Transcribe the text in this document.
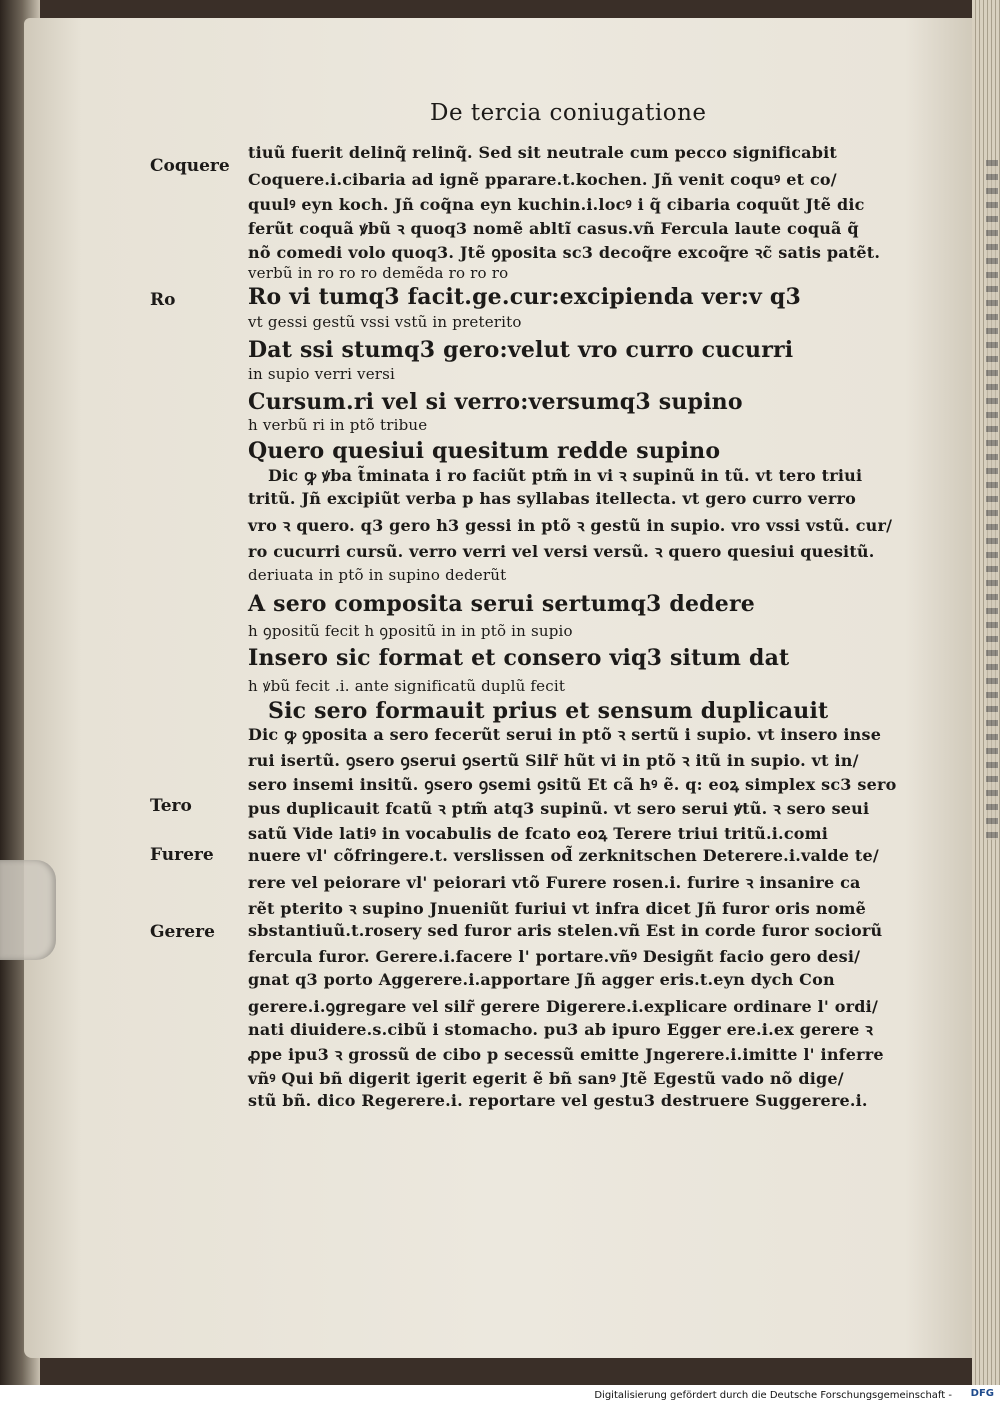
De tercia coniugatione
Coquere
Ro
Tero
Furere
Gerere
tiuũ fuerit delinq̃ relinq̃. Sed sit neutrale cum pecco significabit
Coquere.i.cibaria ad ignẽ pparare.t.kochen. Jñ venit coquꝰ et co/
quulꝰ eyn koch. Jñ coq̃na eyn kuchin.i.locꝰ i q̃ cibaria coquũt Jtẽ dic
ferũt coquã ꝟbũ ꝛ quoq3 nomẽ abltĩ casus.vñ Fercula laute coquã q̃
nõ comedi volo quoq3. Jtẽ ꝯposita sc3 decoq̃re excoq̃re ꝛc̃ satis patẽt.
verbũ in ro ro ro demẽda ro ro ro
Ro vi tumq3 facit.ge.cur:excipienda ver:v q3
vt gessi gestũ vssi vstũ in preterito
Dat ssi stumq3 gero:velut vro curro cucurri
in supio verri versi
Cursum.ri vel si verro:versumq3 supino
h verbũ ri in ptõ tribue
Quero quesiui quesitum redde supino
Dic ꝙ ꝟba t̃minata i ro faciũt ptm̃ in vi ꝛ supinũ in tũ. vt tero triui
tritũ. Jñ excipiũt verba p has syllabas itellecta. vt gero curro verro
vro ꝛ quero. q3 gero h3 gessi in ptõ ꝛ gestũ in supio. vro vssi vstũ. cur/
ro cucurri cursũ. verro verri vel versi versũ. ꝛ quero quesiui quesitũ.
deriuata in ptõ in supino dederũt
A sero composita serui sertumq3 dedere
h ꝯpositũ fecit h ꝯpositũ in in ptõ in supio
Insero sic format et consero viq3 situm dat
h ꝟbũ fecit .i. ante significatũ duplũ fecit
Sic sero formauit prius et sensum duplicauit
Dic ꝙ ꝯposita a sero fecerũt serui in ptõ ꝛ sertũ i supio. vt insero inse
rui isertũ. ꝯsero ꝯserui ꝯsertũ Silr̃ hũt vi in ptõ ꝛ itũ in supio. vt in/
sero insemi insitũ. ꝯsero ꝯsemi ꝯsitũ Et cã hꝰ ẽ. q: eoꝝ simplex sc3 sero
pus duplicauit fcatũ ꝛ ptm̃ atq3 supinũ. vt sero serui ꝟtũ. ꝛ sero seui
satũ Vide latiꝰ in vocabulis de fcato eoꝝ Terere triui tritũ.i.comi
nuere vl' cõfringere.t. verslissen od̃ zerknitschen Deterere.i.valde te/
rere vel peiorare vl' peiorari vtõ Furere rosen.i. furire ꝛ insanire ca
rẽt pterito ꝛ supino Jnueniũt furiui vt infra dicet Jñ furor oris nomẽ
sbstantiuũ.t.rosery sed furor aris stelen.vñ Est in corde furor sociorũ
fercula furor. Gerere.i.facere l' portare.vñꝰ Desigñt facio gero desi/
gnat q3 porto Aggerere.i.apportare Jñ agger eris.t.eyn dych Con
gerere.i.ꝯgregare vel silr̃ gerere Digerere.i.explicare ordinare l' ordi/
nati diuidere.s.cibũ i stomacho. pu3 ab ipuro Egger ere.i.ex gerere ꝛ
ꝓpe ipu3 ꝛ grossũ de cibo p secessũ emitte Jngerere.i.imitte l' inferre
vñꝰ Qui bñ digerit igerit egerit ẽ bñ sanꝰ Jtẽ Egestũ vado nõ dige/
stũ bñ. dico Regerere.i. reportare vel gestu3 destruere Suggerere.i.
Digitalisierung gefördert durch die Deutsche Forschungsgemeinschaft - DFG
